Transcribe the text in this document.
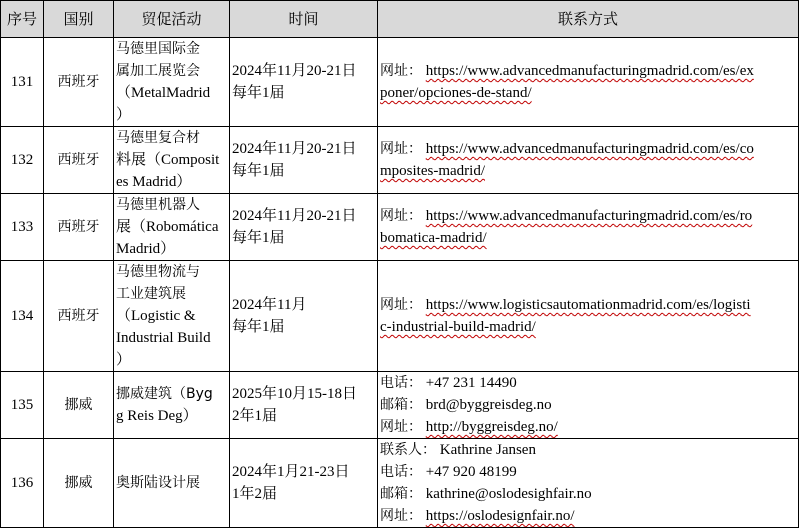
序号	国别	贸促活动	时间	联系方式
131	西班牙	马德里国际金
属加工展览会
（MetalMadrid
）	2024年11月20-21日
每年1届	网址： https://www.advancedmanufacturingmadrid.com/es/ex
poner/opciones-de-stand/

132	西班牙	马德里复合材
料展（Composit
es Madrid）	2024年11月20-21日
每年1届	网址： https://www.advancedmanufacturingmadrid.com/es/co
mposites-madrid/

133	西班牙	马德里机器人
展（Robomática
Madrid）	2024年11月20-21日
每年1届	网址： https://www.advancedmanufacturingmadrid.com/es/ro
bomatica-madrid/

134	西班牙	马德里物流与
工业建筑展
（Logistic &
Industrial Build
）	2024年11月
每年1届	网址： https://www.logisticsautomationmadrid.com/es/logisti
c-industrial-build-madrid/

135	挪威	挪威建筑（Byg
g Reis Deg）	2025年10月15-18日
2年1届	电话： +47 231 14490
邮箱： brd@byggreisdeg.no
网址： http://byggreisdeg.no/

136	挪威	奥斯陆设计展	2024年1月21-23日
1年2届	联系人： Kathrine Jansen
电话： +47 920 48199
邮箱： kathrine@oslodesighfair.no
网址： https://oslodesignfair.no/
